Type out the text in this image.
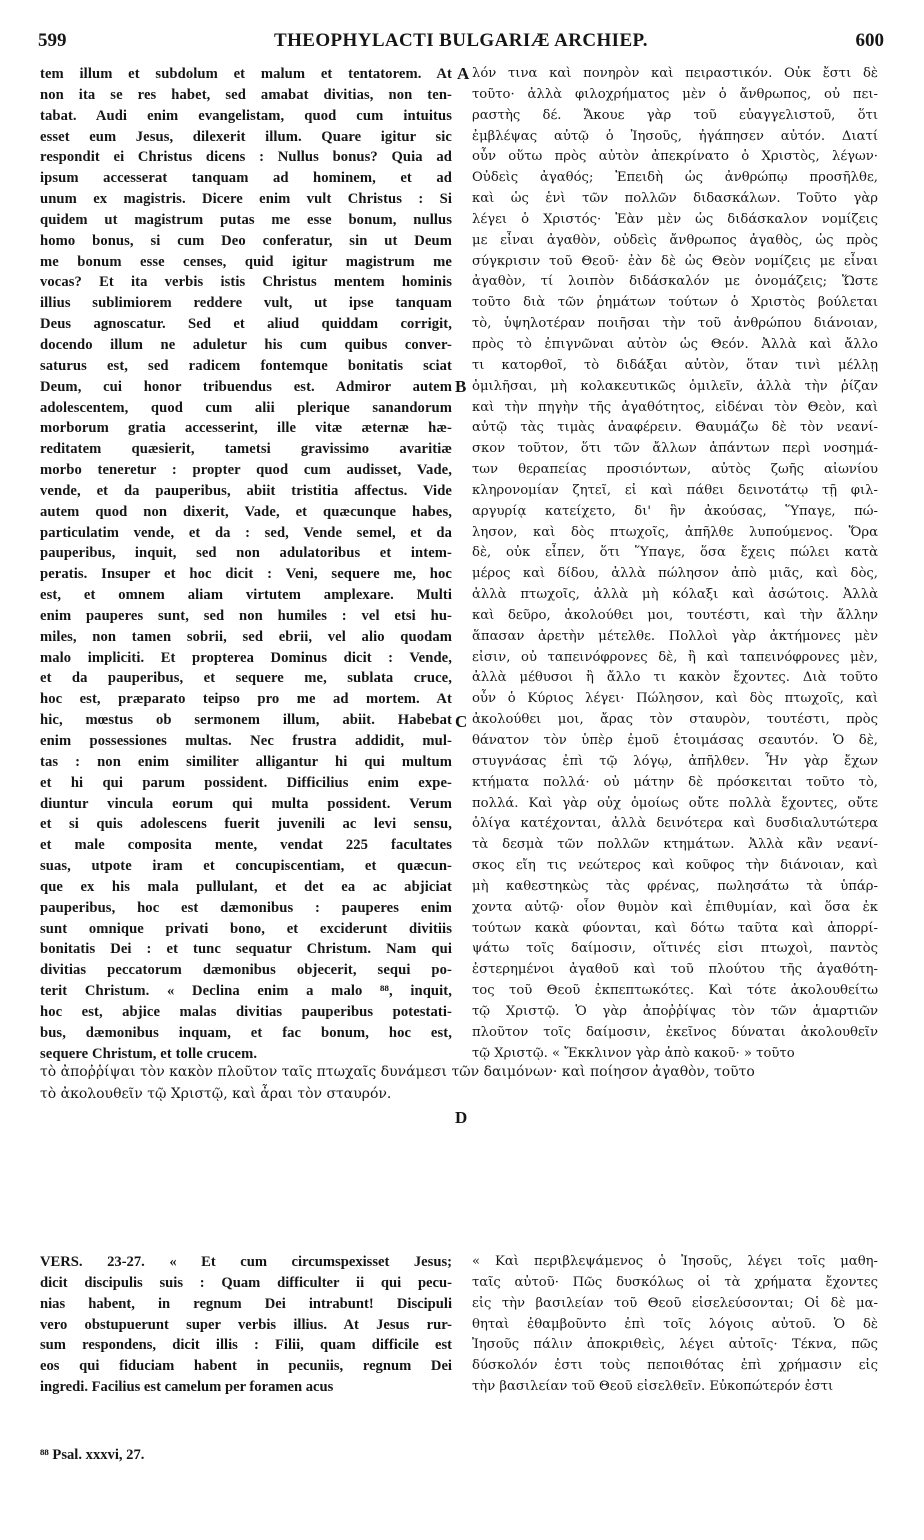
599	THEOPHYLACTI BULGARIÆ ARCHIEP.	600
tem illum et subdolum et malum et tentatorem. At
non ita se res habet, sed amabat divitias, non ten-
tabat. Audi enim evangelistam, quod cum intuitus
esset eum Jesus, dilexerit illum. Quare igitur sic
respondit ei Christus dicens : Nullus bonus? Quia ad
ipsum accesserat tanquam ad hominem, et ad
unum ex magistris. Dicere enim vult Christus : Si
quidem ut magistrum putas me esse bonum, nullus
homo bonus, si cum Deo conferatur, sin ut Deum
me bonum esse censes, quid igitur magistrum me
vocas? Et ita verbis istis Christus mentem hominis
illius sublimiorem reddere vult, ut ipse tanquam
Deus agnoscatur. Sed et aliud quiddam corrigit,
docendo illum ne aduletur his cum quibus conver-
saturus est, sed radicem fontemque bonitatis sciat
Deum, cui honor tribuendus est. Admiror autem
adolescentem, quod cum alii plerique sanandorum
morborum gratia accesserint, ille vitæ æternæ hæ-
reditatem quæsierit, tametsi gravissimo avaritiæ
morbo teneretur : propter quod cum audisset, Vade,
vende, et da pauperibus, abiit tristitia affectus. Vide
autem quod non dixerit, Vade, et quæcunque habes,
particulatim vende, et da : sed, Vende semel, et da
pauperibus, inquit, sed non adulatoribus et intem-
peratis. Insuper et hoc dicit : Veni, sequere me, hoc
est, et omnem aliam virtutem amplexare. Multi
enim pauperes sunt, sed non humiles : vel etsi hu-
miles, non tamen sobrii, sed ebrii, vel alio quodam
malo impliciti. Et propterea Dominus dicit : Vende,
et da pauperibus, et sequere me, sublata cruce,
hoc est, præparato teipso pro me ad mortem. At
hic, mœstus ob sermonem illum, abiit. Habebat
enim possessiones multas. Nec frustra addidit, mul-
tas : non enim similiter alligantur hi qui multum
et hi qui parum possident. Difficilius enim expe-
diuntur vincula eorum qui multa possident. Verum
et si quis adolescens fuerit juvenili ac levi sensu,
et male composita mente, vendat 225 facultates
suas, utpote iram et concupiscentiam, et quæcun-
que ex his mala pullulant, et det ea ac abjiciat
pauperibus, hoc est dæmonibus : pauperes enim
sunt omnique privati bono, et exciderunt divitiis
bonitatis Dei : et tunc sequatur Christum. Nam qui
divitias peccatorum dæmonibus objecerit, sequi po-
terit Christum. « Declina enim a malo ⁸⁸, inquit,
hoc est, abjice malas divitias pauperibus potestati-
bus, dæmonibus inquam, et fac bonum, hoc est,
sequere Christum, et tolle crucem.
λόν τινα καὶ πονηρὸν καὶ πειραστικόν. Οὐκ ἔστι δὲ
τοῦτο· ἀλλὰ φιλοχρήματος μὲν ὁ ἄνθρωπος, οὐ πει-
ραστὴς δέ. Ἄκουε γὰρ τοῦ εὐαγγελιστοῦ, ὅτι
ἐμβλέψας αὐτῷ ὁ Ἰησοῦς, ἠγάπησεν αὐτόν. Διατί
οὖν οὕτω πρὸς αὐτὸν ἀπεκρίνατο ὁ Χριστὸς, λέγων·
Οὐδεὶς ἀγαθός; Ἐπειδὴ ὡς ἀνθρώπῳ προσῆλθε,
καὶ ὡς ἑνὶ τῶν πολλῶν διδασκάλων. Τοῦτο γὰρ
λέγει ὁ Χριστός· Ἐὰν μὲν ὡς διδάσκαλον νομίζεις
με εἶναι ἀγαθὸν, οὐδεὶς ἄνθρωπος ἀγαθὸς, ὡς πρὸς
σύγκρισιν τοῦ Θεοῦ· ἐὰν δὲ ὡς Θεὸν νομίζεις με εἶναι
ἀγαθὸν, τί λοιπὸν διδάσκαλόν με ὀνομάζεις; Ὥστε
τοῦτο διὰ τῶν ῥημάτων τούτων ὁ Χριστὸς βούλεται
τὸ, ὑψηλοτέραν ποιῆσαι τὴν τοῦ ἀνθρώπου διάνοιαν,
πρὸς τὸ ἐπιγνῶναι αὐτὸν ὡς Θεόν. Ἀλλὰ καὶ ἄλλο
τι κατορθοῖ, τὸ διδάξαι αὐτὸν, ὅταν τινὶ μέλλῃ
ὁμιλῆσαι, μὴ κολακευτικῶς ὁμιλεῖν, ἀλλὰ τὴν ῥίζαν
καὶ τὴν πηγὴν τῆς ἀγαθότητος, εἰδέναι τὸν Θεὸν, καὶ
αὐτῷ τὰς τιμὰς ἀναφέρειν. Θαυμάζω δὲ τὸν νεανί-
σκον τοῦτον, ὅτι τῶν ἄλλων ἁπάντων περὶ νοσημά-
των θεραπείας προσιόντων, αὐτὸς ζωῆς αἰωνίου
κληρονομίαν ζητεῖ, εἰ καὶ πάθει δεινοτάτῳ τῇ φιλ-
αργυρίᾳ κατείχετο, δι' ἣν ἀκούσας, Ὕπαγε, πώ-
λησον, καὶ δὸς πτωχοῖς, ἀπῆλθε λυπούμενος. Ὅρα
δὲ, οὐκ εἶπεν, ὅτι Ὕπαγε, ὅσα ἔχεις πώλει κατὰ
μέρος καὶ δίδου, ἀλλὰ πώλησον ἀπὸ μιᾶς, καὶ δὸς,
ἀλλὰ πτωχοῖς, ἀλλὰ μὴ κόλαξι καὶ ἀσώτοις. Ἀλλὰ
καὶ δεῦρο, ἀκολούθει μοι, τουτέστι, καὶ τὴν ἄλλην
ἅπασαν ἀρετὴν μέτελθε. Πολλοὶ γὰρ ἀκτήμονες μὲν
εἰσιν, οὐ ταπεινόφρονες δὲ, ἢ καὶ ταπεινόφρονες μὲν,
ἀλλὰ μέθυσοι ἢ ἄλλο τι κακὸν ἔχοντες. Διὰ τοῦτο
οὖν ὁ Κύριος λέγει· Πώλησον, καὶ δὸς πτωχοῖς, καὶ
ἀκολούθει μοι, ἄρας τὸν σταυρὸν, τουτέστι, πρὸς
θάνατον τὸν ὑπὲρ ἐμοῦ ἑτοιμάσας σεαυτόν. Ὁ δὲ,
στυγνάσας ἐπὶ τῷ λόγῳ, ἀπῆλθεν. Ἦν γὰρ ἔχων
κτήματα πολλά· οὐ μάτην δὲ πρόσκειται τοῦτο τὸ,
πολλά. Καὶ γὰρ οὐχ ὁμοίως οὔτε πολλὰ ἔχοντες, οὔτε
ὀλίγα κατέχονται, ἀλλὰ δεινότερα καὶ δυσδιαλυτώτερα
τὰ δεσμὰ τῶν πολλῶν κτημάτων. Ἀλλὰ κἂν νεανί-
σκος εἴη τις νεώτερος καὶ κοῦφος τὴν διάνοιαν, καὶ
μὴ καθεστηκὼς τὰς φρένας, πωλησάτω τὰ ὑπάρ-
χοντα αὐτῷ· οἷον θυμὸν καὶ ἐπιθυμίαν, καὶ ὅσα ἐκ
τούτων κακὰ φύονται, καὶ δότω ταῦτα καὶ ἀπορρί-
ψάτω τοῖς δαίμοσιν, οἵτινές εἰσι πτωχοὶ, παντὸς
ἐστερημένοι ἀγαθοῦ καὶ τοῦ πλούτου τῆς ἀγαθότη-
τος τοῦ Θεοῦ ἐκπεπτωκότες. Καὶ τότε ἀκολουθείτω
τῷ Χριστῷ. Ὁ γὰρ ἀποῤῥίψας τὸν τῶν ἁμαρτιῶν
πλοῦτον τοῖς δαίμοσιν, ἐκεῖνος δύναται ἀκολουθεῖν
τῷ Χριστῷ. « Ἔκκλινον γὰρ ἀπὸ κακοῦ· » τοῦτο
A
B
C
D
τὸ ἀποῤῥίψαι τὸν κακὸν πλοῦτον ταῖς πτωχαῖς δυνάμεσι τῶν δαιμόνων· καὶ ποίησον ἀγαθὸν, τοῦτο
τὸ ἀκολουθεῖν τῷ Χριστῷ, καὶ ἆραι τὸν σταυρόν.
VERS. 23-27. « Et cum circumspexisset Jesus;
dicit discipulis suis : Quam difficulter ii qui pecu-
nias habent, in regnum Dei intrabunt! Discipuli
vero obstupuerunt super verbis illius. At Jesus rur-
sum respondens, dicit illis : Filii, quam difficile est
eos qui fiduciam habent in pecuniis, regnum Dei
ingredi. Facilius est camelum per foramen acus
« Καὶ περιβλεψάμενος ὁ Ἰησοῦς, λέγει τοῖς μαθη-
ταῖς αὐτοῦ· Πῶς δυσκόλως οἱ τὰ χρήματα ἔχοντες
εἰς τὴν βασιλείαν τοῦ Θεοῦ εἰσελεύσονται; Οἱ δὲ μα-
θηταὶ ἐθαμβοῦντο ἐπὶ τοῖς λόγοις αὐτοῦ. Ὁ δὲ
Ἰησοῦς πάλιν ἀποκριθεὶς, λέγει αὐτοῖς· Τέκνα, πῶς
δύσκολόν ἐστι τοὺς πεποιθότας ἐπὶ χρήμασιν εἰς
τὴν βασιλείαν τοῦ Θεοῦ εἰσελθεῖν. Εὐκοπώτερόν ἐστι
⁸⁸ Psal. xxxvi, 27.
